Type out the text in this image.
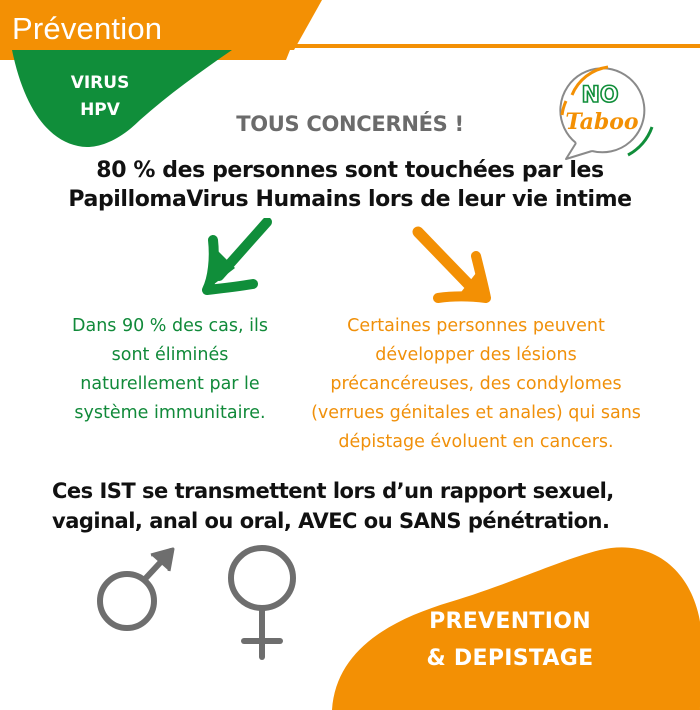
Prévention
VIRUS
HPV
NO
Taboo
TOUS CONCERNÉS !
80 % des personnes sont touchées par les
PapillomaVirus Humains lors de leur vie intime
Dans 90 % des cas, ils
sont éliminés
naturellement par le
système immunitaire.
Certaines personnes peuvent
développer des lésions
précancéreuses, des condylomes
(verrues génitales et anales) qui sans
dépistage évoluent en cancers.
Ces IST se transmettent lors d’un rapport sexuel,
vaginal, anal ou oral, AVEC ou SANS pénétration.
PREVENTION
& DEPISTAGE
